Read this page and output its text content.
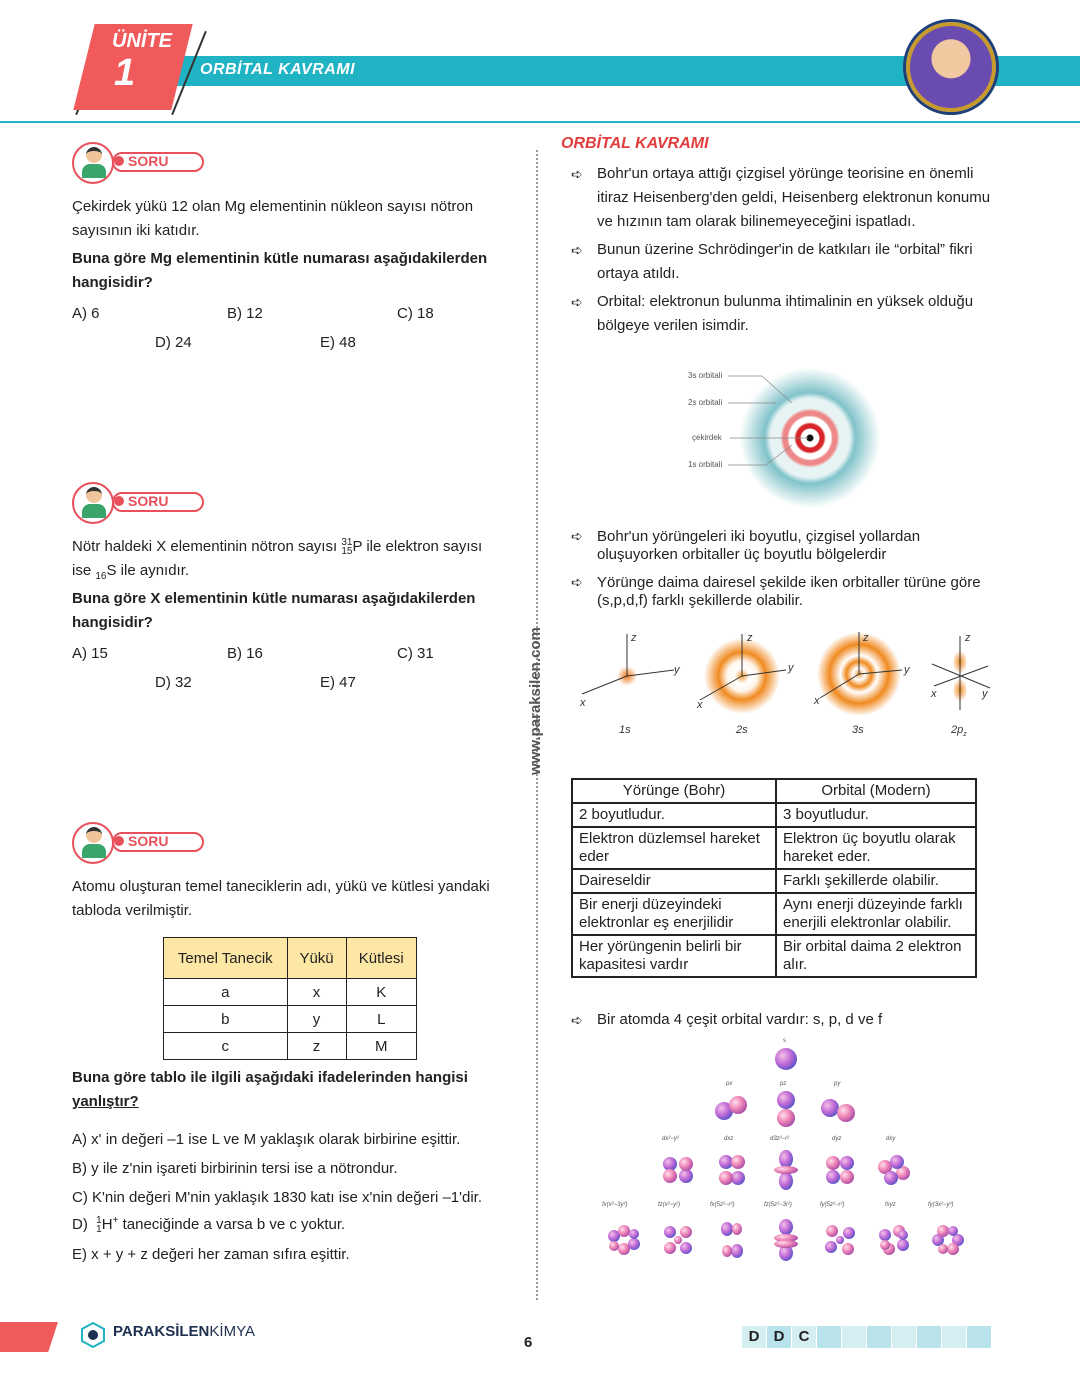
ÜNİTE
1	ORBİTAL KAVRAMI
SORU
Çekirdek yükü 12 olan Mg elementinin nükleon sayısı nötron sayısının iki katıdır.
Buna göre Mg elementinin kütle numarası aşağıdakilerden hangisidir?
A) 6	B) 12	C) 18
D) 24	E) 48
SORU
Nötr haldeki X elementinin nötron sayısı 31
15P ile elektron sayısı
ise $_{16}$S ile aynıdır.
Buna göre X elementinin kütle numarası aşağıdakilerden hangisidir?
A) 15	B) 16	C) 31
D) 32	E) 47
SORU
Atomu oluşturan temel taneciklerin adı, yükü ve kütlesi yandaki tabloda verilmiştir.
Temel Tanecik	Yükü	Kütlesi
a	x	K
b	y	L
c	z	M
Buna göre tablo ile ilgili aşağıdaki ifadelerinden hangisi
yanlıştır?
A) x' in değeri –1 ise L ve M yaklaşık olarak birbirine eşittir.
B) y ile z'nin işareti birbirinin tersi ise a nötrondur.
C) K'nin değeri M'nin yaklaşık 1830 katı ise x'nin değeri –1'dir.
D) 1
1H+ taneciğinde a varsa b ve c yoktur.
E) x + y + z değeri her zaman sıfıra eşittir.
www.paraksilen.com
ORBİTAL KAVRAMI
➪ Bohr'un ortaya attığı çizgisel yörünge teorisine en önemli itiraz Heisenberg'den geldi, Heisenberg elektronun konumu ve hızının tam olarak bilinemeyeceğini ispatladı.
➪ Bunun üzerine Schrödinger'in de katkıları ile “orbital” fikri ortaya atıldı.
➪ Orbital: elektronun bulunma ihtimalinin en yüksek olduğu bölgeye verilen isimdir.
3s orbitali
2s orbitali
çekirdek
1s orbitali
➪ Bohr'un yörüngeleri iki boyutlu, çizgisel yollardan oluşuyorken orbitaller üç boyutlu bölgelerdir
➪ Yörünge daima dairesel şekilde iken orbitaller türüne göre (s,p,d,f) farklı şekillerde olabilir.
z
y
x
z
y
x
z
y
x
z
y
x
1s	2s	3s	$2p_z$
Yörünge (Bohr)	Orbital (Modern)
2 boyutludur.	3 boyutludur.
Elektron düzlemsel hareket eder	Elektron üç boyutlu olarak hareket eder.
Daireseldir	Farklı şekillerde olabilir.
Bir enerji düzeyindeki elektronlar eş enerjilidir	Aynı enerji düzeyinde farklı enerjili elektronlar olabilir.
Her yörüngenin belirli bir kapasitesi vardır	Bir orbital daima 2 elektron alır.
➪ Bir atomda 4 çeşit orbital vardır: s, p, d ve f
s
px	pz	py
dx²−y²	dxz	d3z²−r²	dyz	dxy
fx(x²−3y²)	fz(x²−y²)	fx(5z²−r²)	fz(5z²−3r²)	fy(5z²−r²)	fxyz	fy(3x²−y²)
PARAKSİLENKİMYA
6	D D C
